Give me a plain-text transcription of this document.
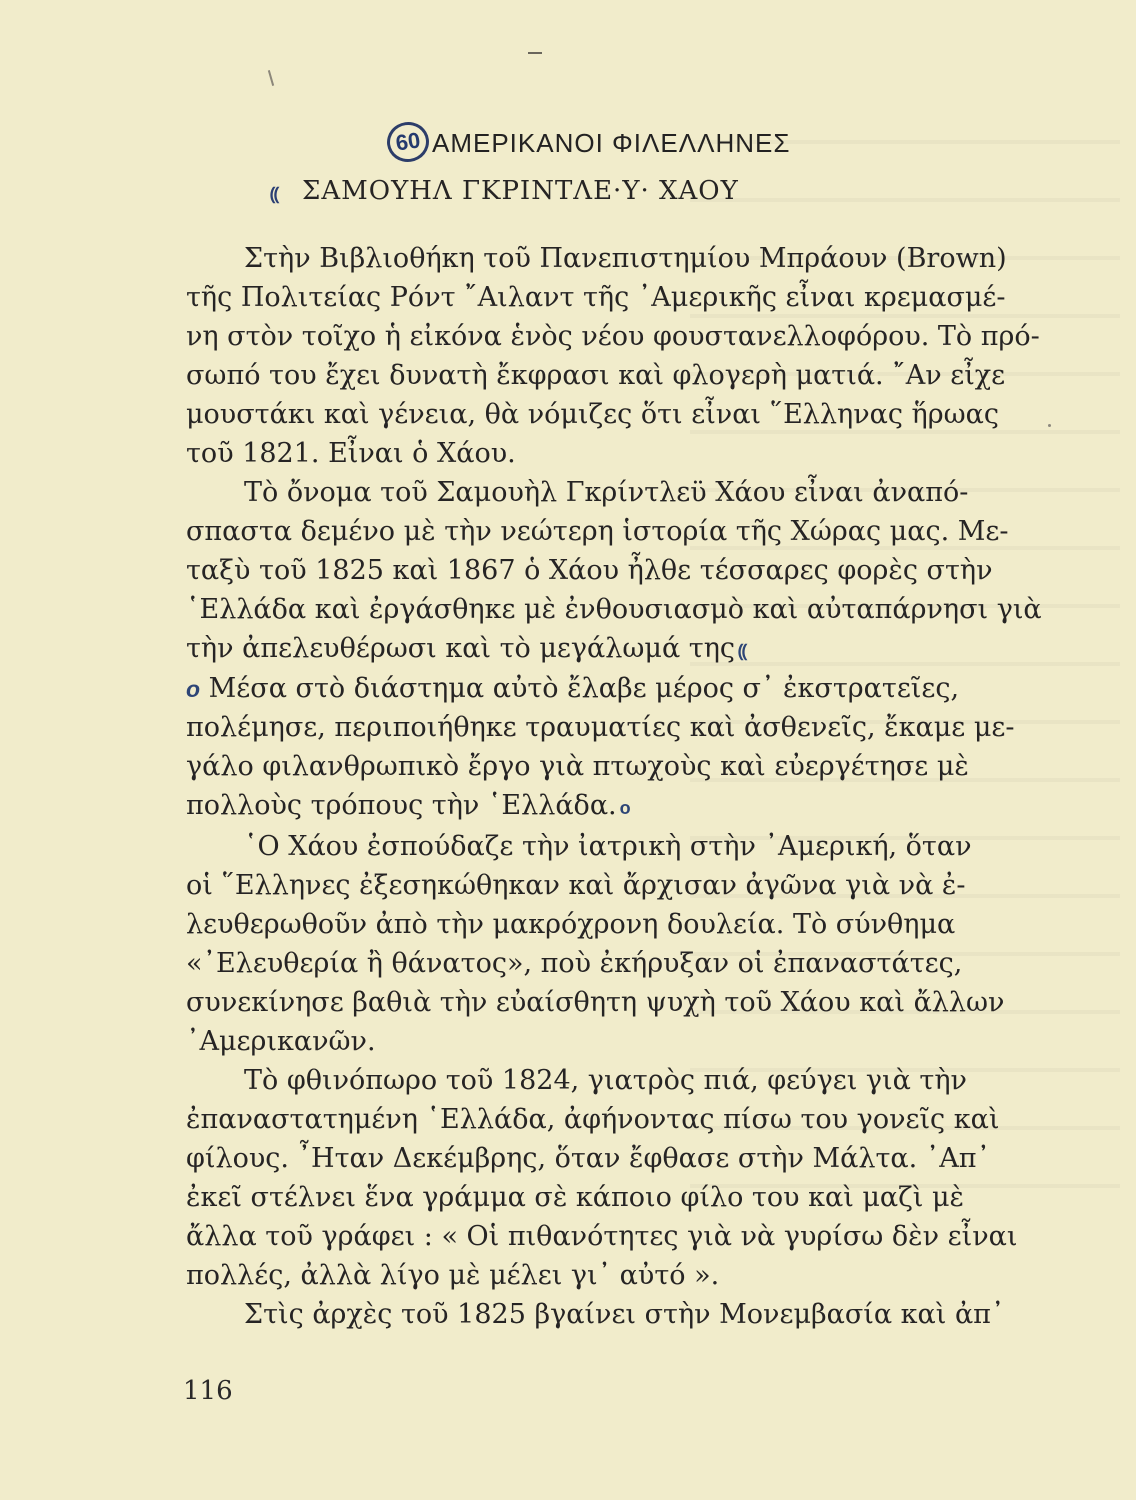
60 ΑΜΕΡΙΚΑΝΟΙ ΦΙΛΕΛΛΗΝΕΣ
⸨ ΣΑΜΟΥΗΛ ΓΚΡΙΝΤΛΕ·Υ· ΧΑΟΥ

Στὴν Βιβλιοθήκη τοῦ Πανεπιστημίου Μπράουν (Brown)

τῆς Πολιτείας Ρόντ ῎Αιλαντ τῆς ᾿Αμερικῆς εἶναι κρεμασμέ-

νη στὸν τοῖχο ἡ εἰκόνα ἑνὸς νέου φουστανελλοφόρου. Τὸ πρό-

σωπό του ἔχει δυνατὴ ἔκφρασι καὶ φλογερὴ ματιά. ῎Αν εἶχε

μουστάκι καὶ γένεια, θὰ νόμιζες ὅτι εἶναι ῞Ελληνας ἥρωας

τοῦ 1821. Εἶναι ὁ Χάου.

Τὸ ὄνομα τοῦ Σαμουὴλ Γκρίντλεϋ Χάου εἶναι ἀναπό-

σπαστα δεμένο μὲ τὴν νεώτερη ἱστορία τῆς Χώρας μας. Με-

ταξὺ τοῦ 1825 καὶ 1867 ὁ Χάου ἦλθε τέσσαρες φορὲς στὴν

῾Ελλάδα καὶ ἐργάσθηκε μὲ ἐνθουσιασμὸ καὶ αὐταπάρνησι γιὰ

τὴν ἀπελευθέρωσι καὶ τὸ μεγάλωμά της ⸨

ο Μέσα στὸ διάστημα αὐτὸ ἔλαβε μέρος σ᾿ ἐκστρατεῖες,

πολέμησε, περιποιήθηκε τραυματίες καὶ ἀσθενεῖς, ἔκαμε με-

γάλο φιλανθρωπικὸ ἔργο γιὰ πτωχοὺς καὶ εὐεργέτησε μὲ

πολλοὺς τρόπους τὴν ῾Ελλάδα. ο

῾Ο Χάου ἐσπούδαζε τὴν ἰατρικὴ στὴν ᾿Αμερική, ὅταν

οἱ ῞Ελληνες ἐξεσηκώθηκαν καὶ ἄρχισαν ἀγῶνα γιὰ νὰ ἐ-

λευθερωθοῦν ἀπὸ τὴν μακρόχρονη δουλεία. Τὸ σύνθημα

«᾿Ελευθερία ἢ θάνατος», ποὺ ἐκήρυξαν οἱ ἐπαναστάτες,

συνεκίνησε βαθιὰ τὴν εὐαίσθητη ψυχὴ τοῦ Χάου καὶ ἄλλων

᾿Αμερικανῶν.

Τὸ φθινόπωρο τοῦ 1824, γιατρὸς πιά, φεύγει γιὰ τὴν

ἐπαναστατημένη ῾Ελλάδα, ἀφήνοντας πίσω του γονεῖς καὶ

φίλους. ῏Ηταν Δεκέμβρης, ὅταν ἔφθασε στὴν Μάλτα. ᾿Απ᾿

ἐκεῖ στέλνει ἕνα γράμμα σὲ κάποιο φίλο του καὶ μαζὶ μὲ

ἄλλα τοῦ γράφει : « Οἱ πιθανότητες γιὰ νὰ γυρίσω δὲν εἶναι

πολλές, ἀλλὰ λίγο μὲ μέλει γι᾿ αὐτό ».

Στὶς ἀρχὲς τοῦ 1825 βγαίνει στὴν Μονεμβασία καὶ ἀπ᾿

116
